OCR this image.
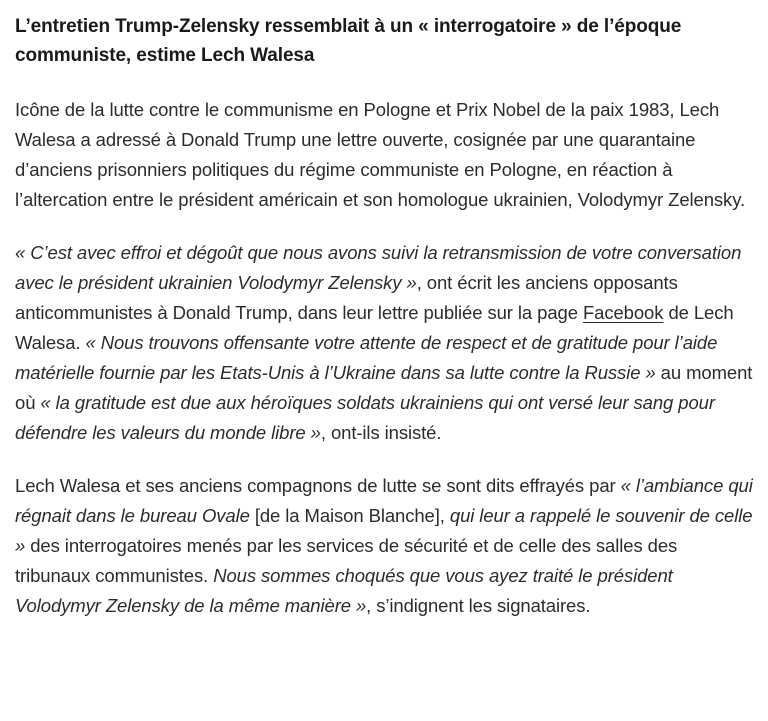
L’entretien Trump-Zelensky ressemblait à un « interrogatoire » de l’époque communiste, estime Lech Walesa

Icône de la lutte contre le communisme en Pologne et Prix Nobel de la paix 1983, Lech Walesa a adressé à Donald Trump une lettre ouverte, cosignée par une quarantaine d’anciens prisonniers politiques du régime communiste en Pologne, en réaction à l’altercation entre le président américain et son homologue ukrainien, Volodymyr Zelensky.

« C’est avec effroi et dégoût que nous avons suivi la retransmission de votre conversation avec le président ukrainien Volodymyr Zelensky », ont écrit les anciens opposants anticommunistes à Donald Trump, dans leur lettre publiée sur la page Facebook de Lech Walesa. « Nous trouvons offensante votre attente de respect et de gratitude pour l’aide matérielle fournie par les Etats-Unis à l’Ukraine dans sa lutte contre la Russie » au moment où « la gratitude est due aux héroïques soldats ukrainiens qui ont versé leur sang pour défendre les valeurs du monde libre », ont-ils insisté.

Lech Walesa et ses anciens compagnons de lutte se sont dits effrayés par « l’ambiance qui régnait dans le bureau Ovale [de la Maison Blanche], qui leur a rappelé le souvenir de celle » des interrogatoires menés par les services de sécurité et de celle des salles des tribunaux communistes. Nous sommes choqués que vous ayez traité le président Volodymyr Zelensky de la même manière », s’indignent les signataires.
